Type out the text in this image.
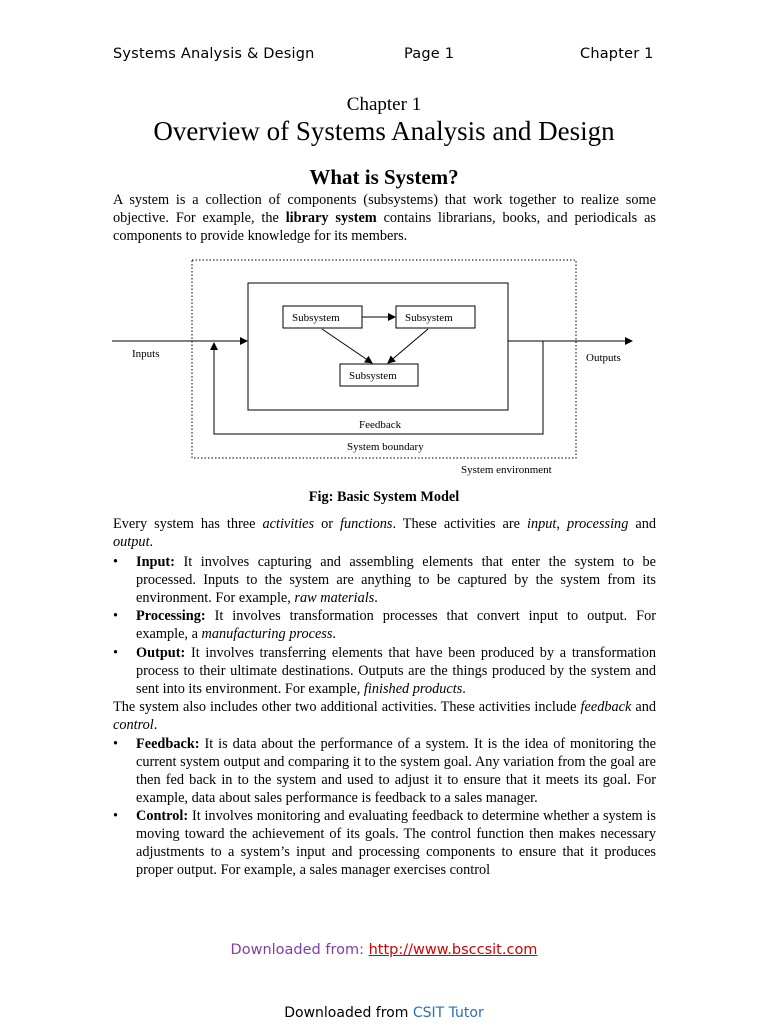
Systems Analysis & Design	Page 1	Chapter 1
Chapter 1
Overview of Systems Analysis and Design
What is System?
A system is a collection of components (subsystems) that work together to realize some objective. For example, the library system contains librarians, books, and periodicals as components to provide knowledge for its members.
Subsystem	Subsystem
Subsystem
Inputs	Outputs
Feedback
System boundary
System environment
Fig: Basic System Model
Every system has three activities or functions. These activities are input, processing and output.
• Input: It involves capturing and assembling elements that enter the system to be processed. Inputs to the system are anything to be captured by the system from its environment. For example, raw materials.
• Processing: It involves transformation processes that convert input to output. For example, a manufacturing process.
• Output: It involves transferring elements that have been produced by a transformation process to their ultimate destinations. Outputs are the things produced by the system and sent into its environment. For example, finished products.
The system also includes other two additional activities. These activities include feedback and control.
• Feedback: It is data about the performance of a system. It is the idea of monitoring the current system output and comparing it to the system goal. Any variation from the goal are then fed back in to the system and used to adjust it to ensure that it meets its goal. For example, data about sales performance is feedback to a sales manager.
• Control: It involves monitoring and evaluating feedback to determine whether a system is moving toward the achievement of its goals. The control function then makes necessary adjustments to a system’s input and processing components to ensure that it produces proper output. For example, a sales manager exercises control
Downloaded from: http://www.bsccsit.com
Downloaded from CSIT Tutor
